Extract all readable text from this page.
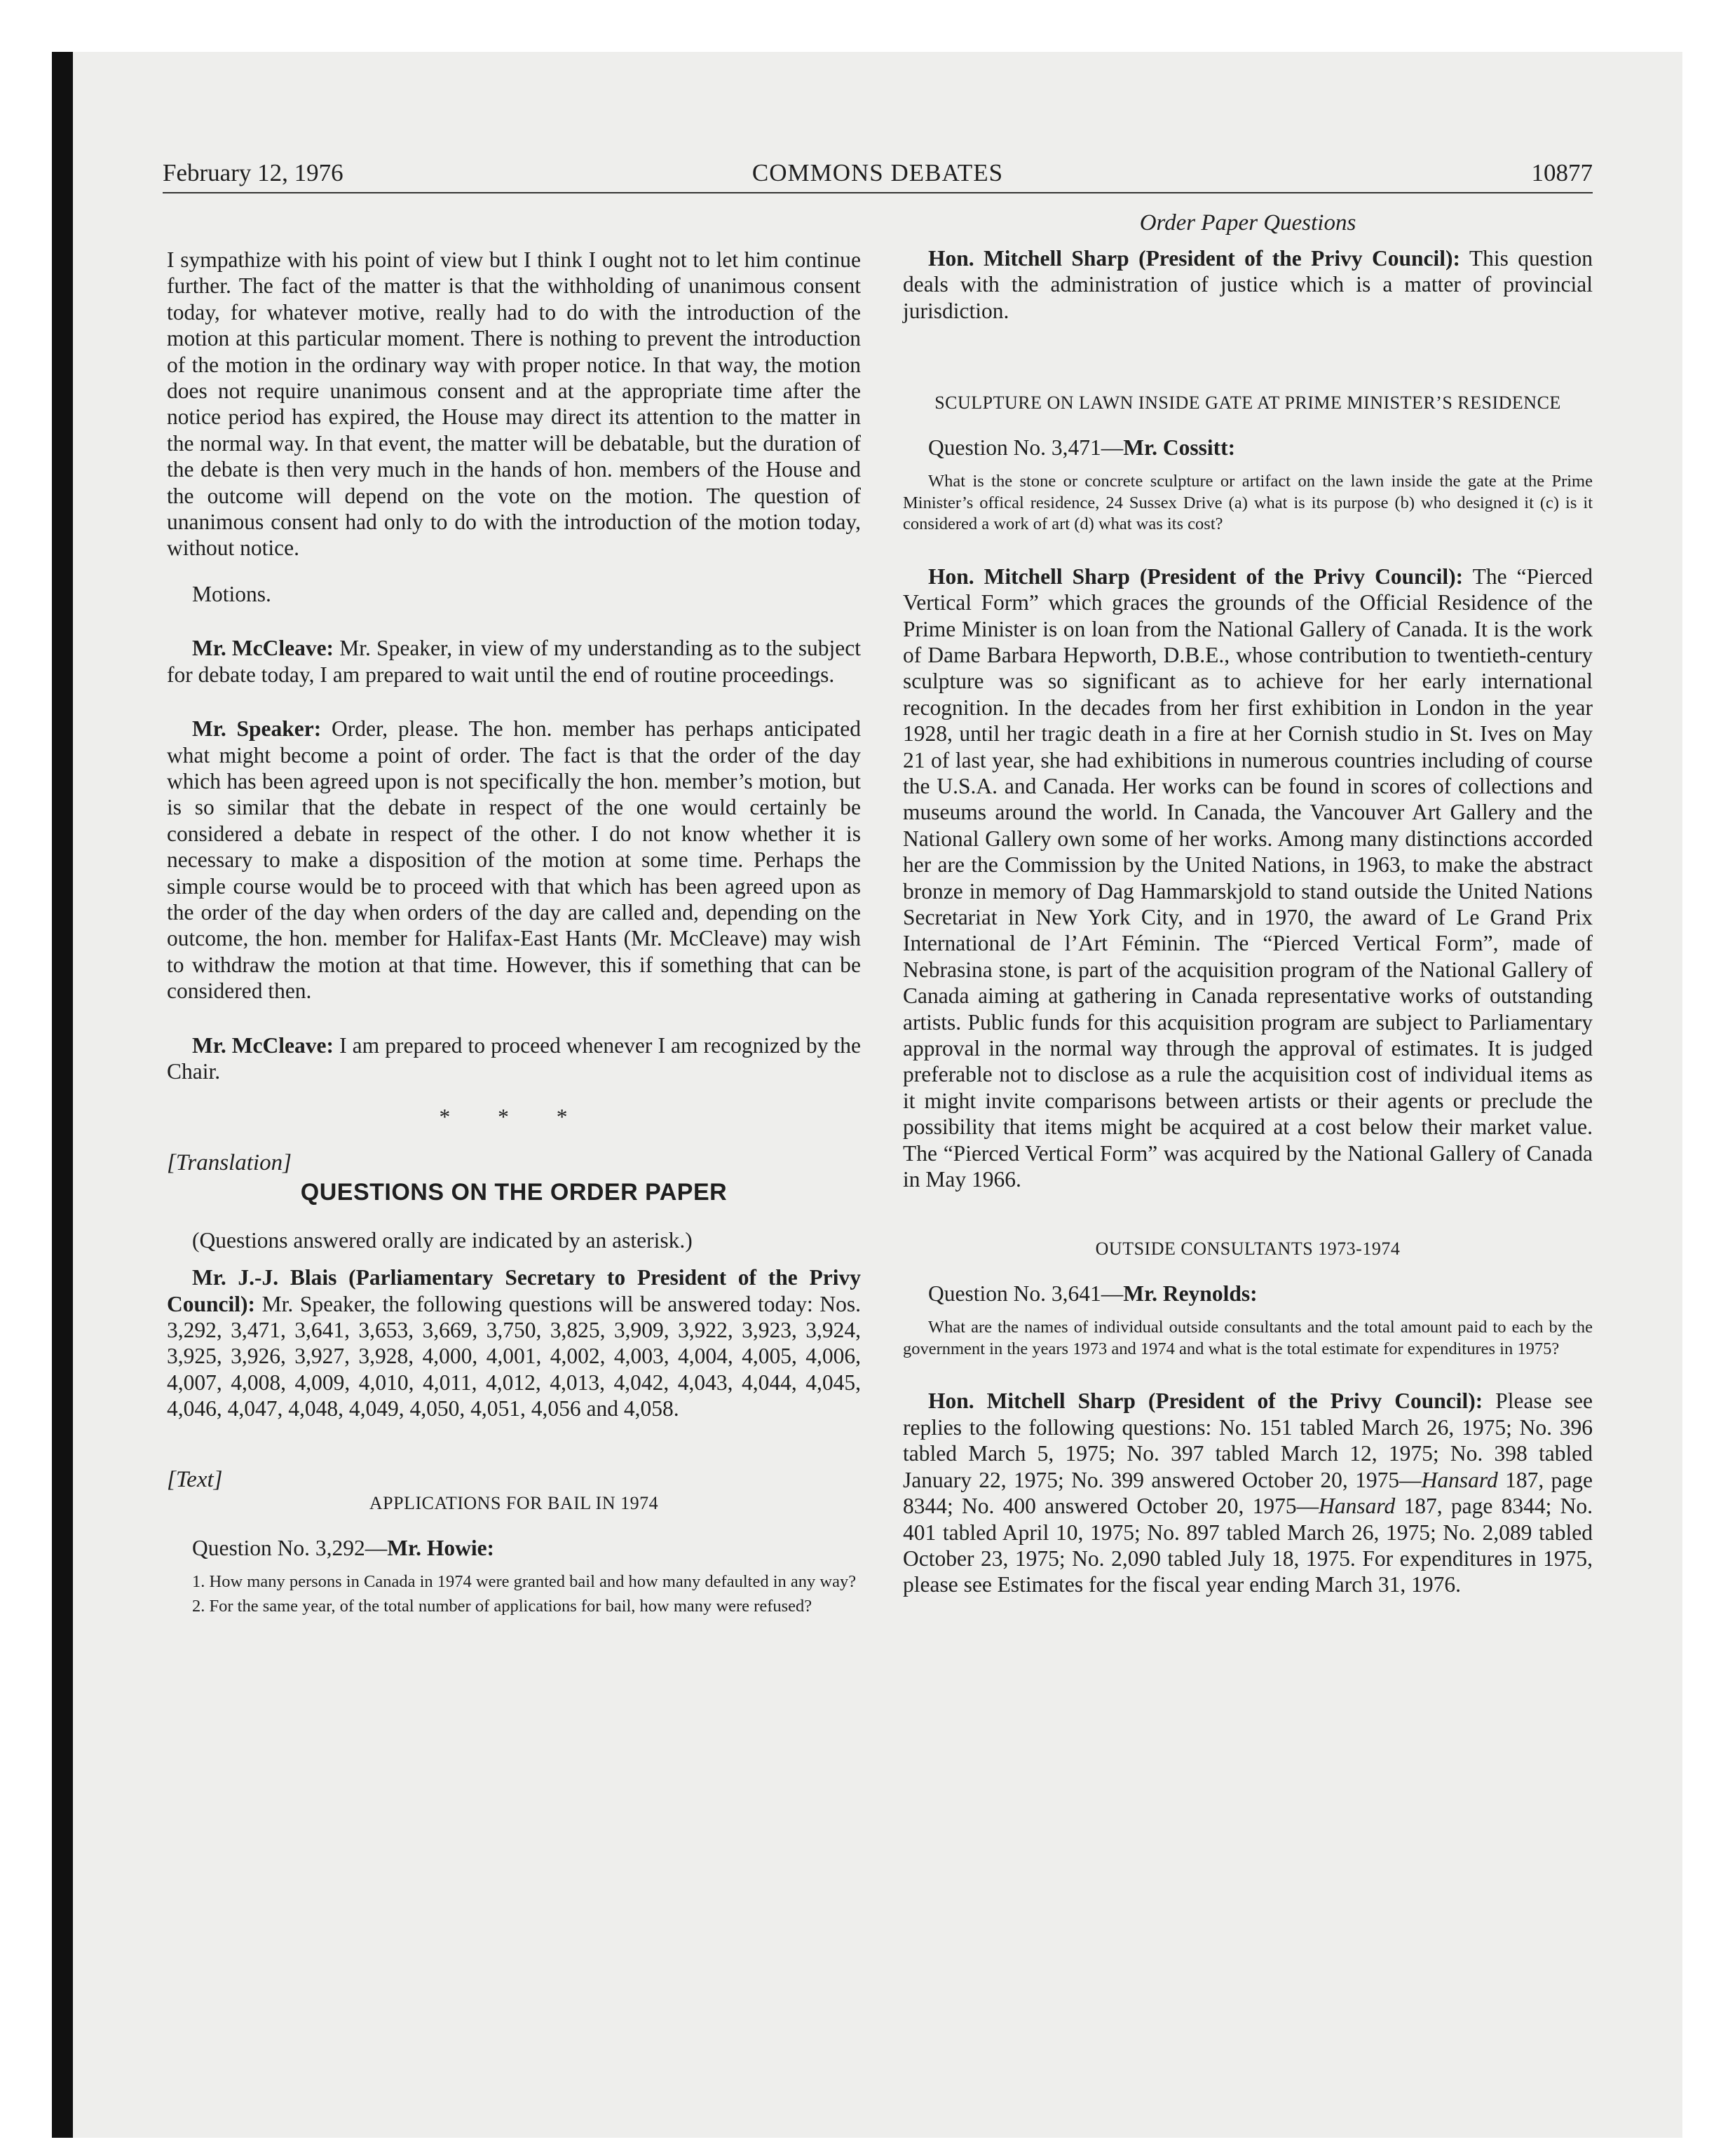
February 12, 1976	COMMONS DEBATES	10877

I sympathize with his point of view but I think I ought not to let him continue further. The fact of the matter is that the withholding of unanimous consent today, for whatever motive, really had to do with the introduction of the motion at this particular moment. There is nothing to prevent the introduction of the motion in the ordinary way with proper notice. In that way, the motion does not require unanimous consent and at the appropriate time after the notice period has expired, the House may direct its attention to the matter in the normal way. In that event, the matter will be debatable, but the duration of the debate is then very much in the hands of hon. members of the House and the outcome will depend on the vote on the motion. The question of unanimous consent had only to do with the introduction of the motion today, without notice.

Motions.

Mr. McCleave: Mr. Speaker, in view of my understanding as to the subject for debate today, I am prepared to wait until the end of routine proceedings.

Mr. Speaker: Order, please. The hon. member has perhaps anticipated what might become a point of order. The fact is that the order of the day which has been agreed upon is not specifically the hon. member’s motion, but is so similar that the debate in respect of the one would certainly be considered a debate in respect of the other. I do not know whether it is necessary to make a disposition of the motion at some time. Perhaps the simple course would be to proceed with that which has been agreed upon as the order of the day when orders of the day are called and, depending on the outcome, the hon. member for Halifax-East Hants (Mr. McCleave) may wish to withdraw the motion at that time. However, this if something that can be considered then.

Mr. McCleave: I am prepared to proceed whenever I am recognized by the Chair.

* * *

[Translation]

QUESTIONS ON THE ORDER PAPER

(Questions answered orally are indicated by an asterisk.)

Mr. J.-J. Blais (Parliamentary Secretary to President of the Privy Council): Mr. Speaker, the following questions will be answered today: Nos. 3,292, 3,471, 3,641, 3,653, 3,669, 3,750, 3,825, 3,909, 3,922, 3,923, 3,924, 3,925, 3,926, 3,927, 3,928, 4,000, 4,001, 4,002, 4,003, 4,004, 4,005, 4,006, 4,007, 4,008, 4,009, 4,010, 4,011, 4,012, 4,013, 4,042, 4,043, 4,044, 4,045, 4,046, 4,047, 4,048, 4,049, 4,050, 4,051, 4,056 and 4,058.

[Text]

APPLICATIONS FOR BAIL IN 1974

Question No. 3,292—Mr. Howie:

1. How many persons in Canada in 1974 were granted bail and how many defaulted in any way?

2. For the same year, of the total number of applications for bail, how many were refused?

Order Paper Questions

Hon. Mitchell Sharp (President of the Privy Council): This question deals with the administration of justice which is a matter of provincial jurisdiction.

SCULPTURE ON LAWN INSIDE GATE AT PRIME MINISTER’S RESIDENCE

Question No. 3,471—Mr. Cossitt:

What is the stone or concrete sculpture or artifact on the lawn inside the gate at the Prime Minister’s offical residence, 24 Sussex Drive (a) what is its purpose (b) who designed it (c) is it considered a work of art (d) what was its cost?

Hon. Mitchell Sharp (President of the Privy Council): The “Pierced Vertical Form” which graces the grounds of the Official Residence of the Prime Minister is on loan from the National Gallery of Canada. It is the work of Dame Barbara Hepworth, D.B.E., whose contribution to twentieth-century sculpture was so significant as to achieve for her early international recognition. In the decades from her first exhibition in London in the year 1928, until her tragic death in a fire at her Cornish studio in St. Ives on May 21 of last year, she had exhibitions in numerous countries including of course the U.S.A. and Canada. Her works can be found in scores of collections and museums around the world. In Canada, the Vancouver Art Gallery and the National Gallery own some of her works. Among many distinctions accorded her are the Commission by the United Nations, in 1963, to make the abstract bronze in memory of Dag Hammarskjold to stand outside the United Nations Secretariat in New York City, and in 1970, the award of Le Grand Prix International de l’Art Féminin. The “Pierced Vertical Form”, made of Nebrasina stone, is part of the acquisition program of the National Gallery of Canada aiming at gathering in Canada representative works of outstanding artists. Public funds for this acquisition program are subject to Parliamentary approval in the normal way through the approval of estimates. It is judged preferable not to disclose as a rule the acquisition cost of individual items as it might invite comparisons between artists or their agents or preclude the possibility that items might be acquired at a cost below their market value. The “Pierced Vertical Form” was acquired by the National Gallery of Canada in May 1966.

OUTSIDE CONSULTANTS 1973-1974

Question No. 3,641—Mr. Reynolds:

What are the names of individual outside consultants and the total amount paid to each by the government in the years 1973 and 1974 and what is the total estimate for expenditures in 1975?

Hon. Mitchell Sharp (President of the Privy Council): Please see replies to the following questions: No. 151 tabled March 26, 1975; No. 396 tabled March 5, 1975; No. 397 tabled March 12, 1975; No. 398 tabled January 22, 1975; No. 399 answered October 20, 1975—Hansard 187, page 8344; No. 400 answered October 20, 1975—Hansard 187, page 8344; No. 401 tabled April 10, 1975; No. 897 tabled March 26, 1975; No. 2,089 tabled October 23, 1975; No. 2,090 tabled July 18, 1975. For expenditures in 1975, please see Estimates for the fiscal year ending March 31, 1976.
